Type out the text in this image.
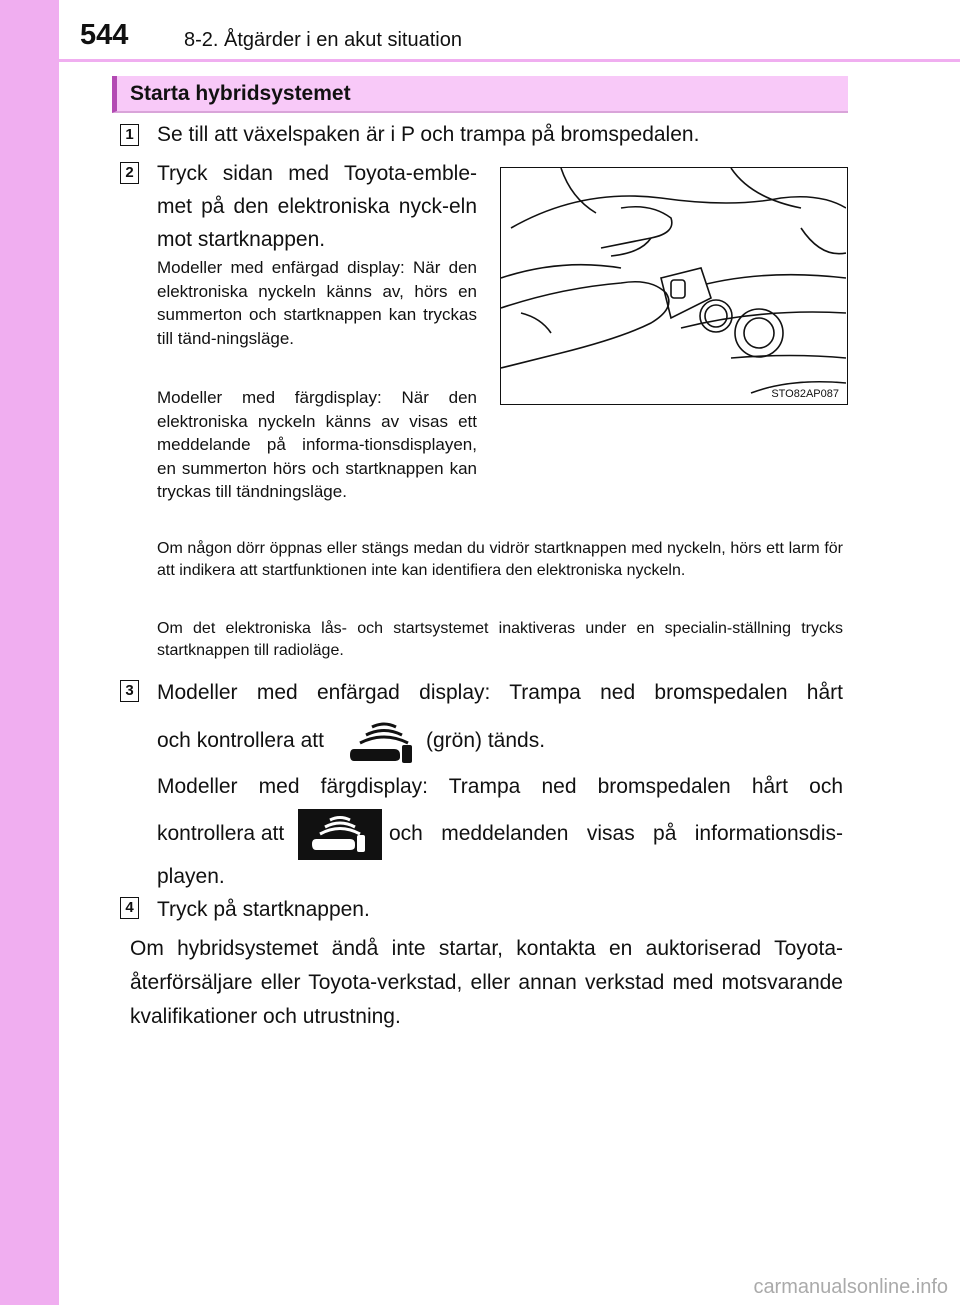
544	8-2. Åtgärder i en akut situation
Starta hybridsystemet
1 Se till att växelspaken är i P och trampa på bromspedalen.
2 Tryck sidan med Toyota-emble-met på den elektroniska nyck-eln mot startknappen.
Modeller med enfärgad display: När den elektroniska nyckeln känns av, hörs en summerton och startknappen kan tryckas till tänd-ningsläge.
Modeller med färgdisplay: När den elektroniska nyckeln känns av visas ett meddelande på informa-tionsdisplayen, en summerton hörs och startknappen kan tryckas till tändningsläge.
STO82AP087
Om någon dörr öppnas eller stängs medan du vidrör startknappen med nyckeln, hörs ett larm för att indikera att startfunktionen inte kan identifiera den elektroniska nyckeln.
Om det elektroniska lås- och startsystemet inaktiveras under en specialin-ställning trycks startknappen till radioläge.
3 Modeller med enfärgad display: Trampa ned bromspedalen hårt
och kontrollera att	(grön) tänds.
Modeller med färgdisplay: Trampa ned bromspedalen hårt och
kontrollera att	och meddelanden visas på informationsdis-
playen.
4 Tryck på startknappen.
Om hybridsystemet ändå inte startar, kontakta en auktoriserad Toyota-återförsäljare eller Toyota-verkstad, eller annan verkstad med motsvarande kvalifikationer och utrustning.
carmanualsonline.info
